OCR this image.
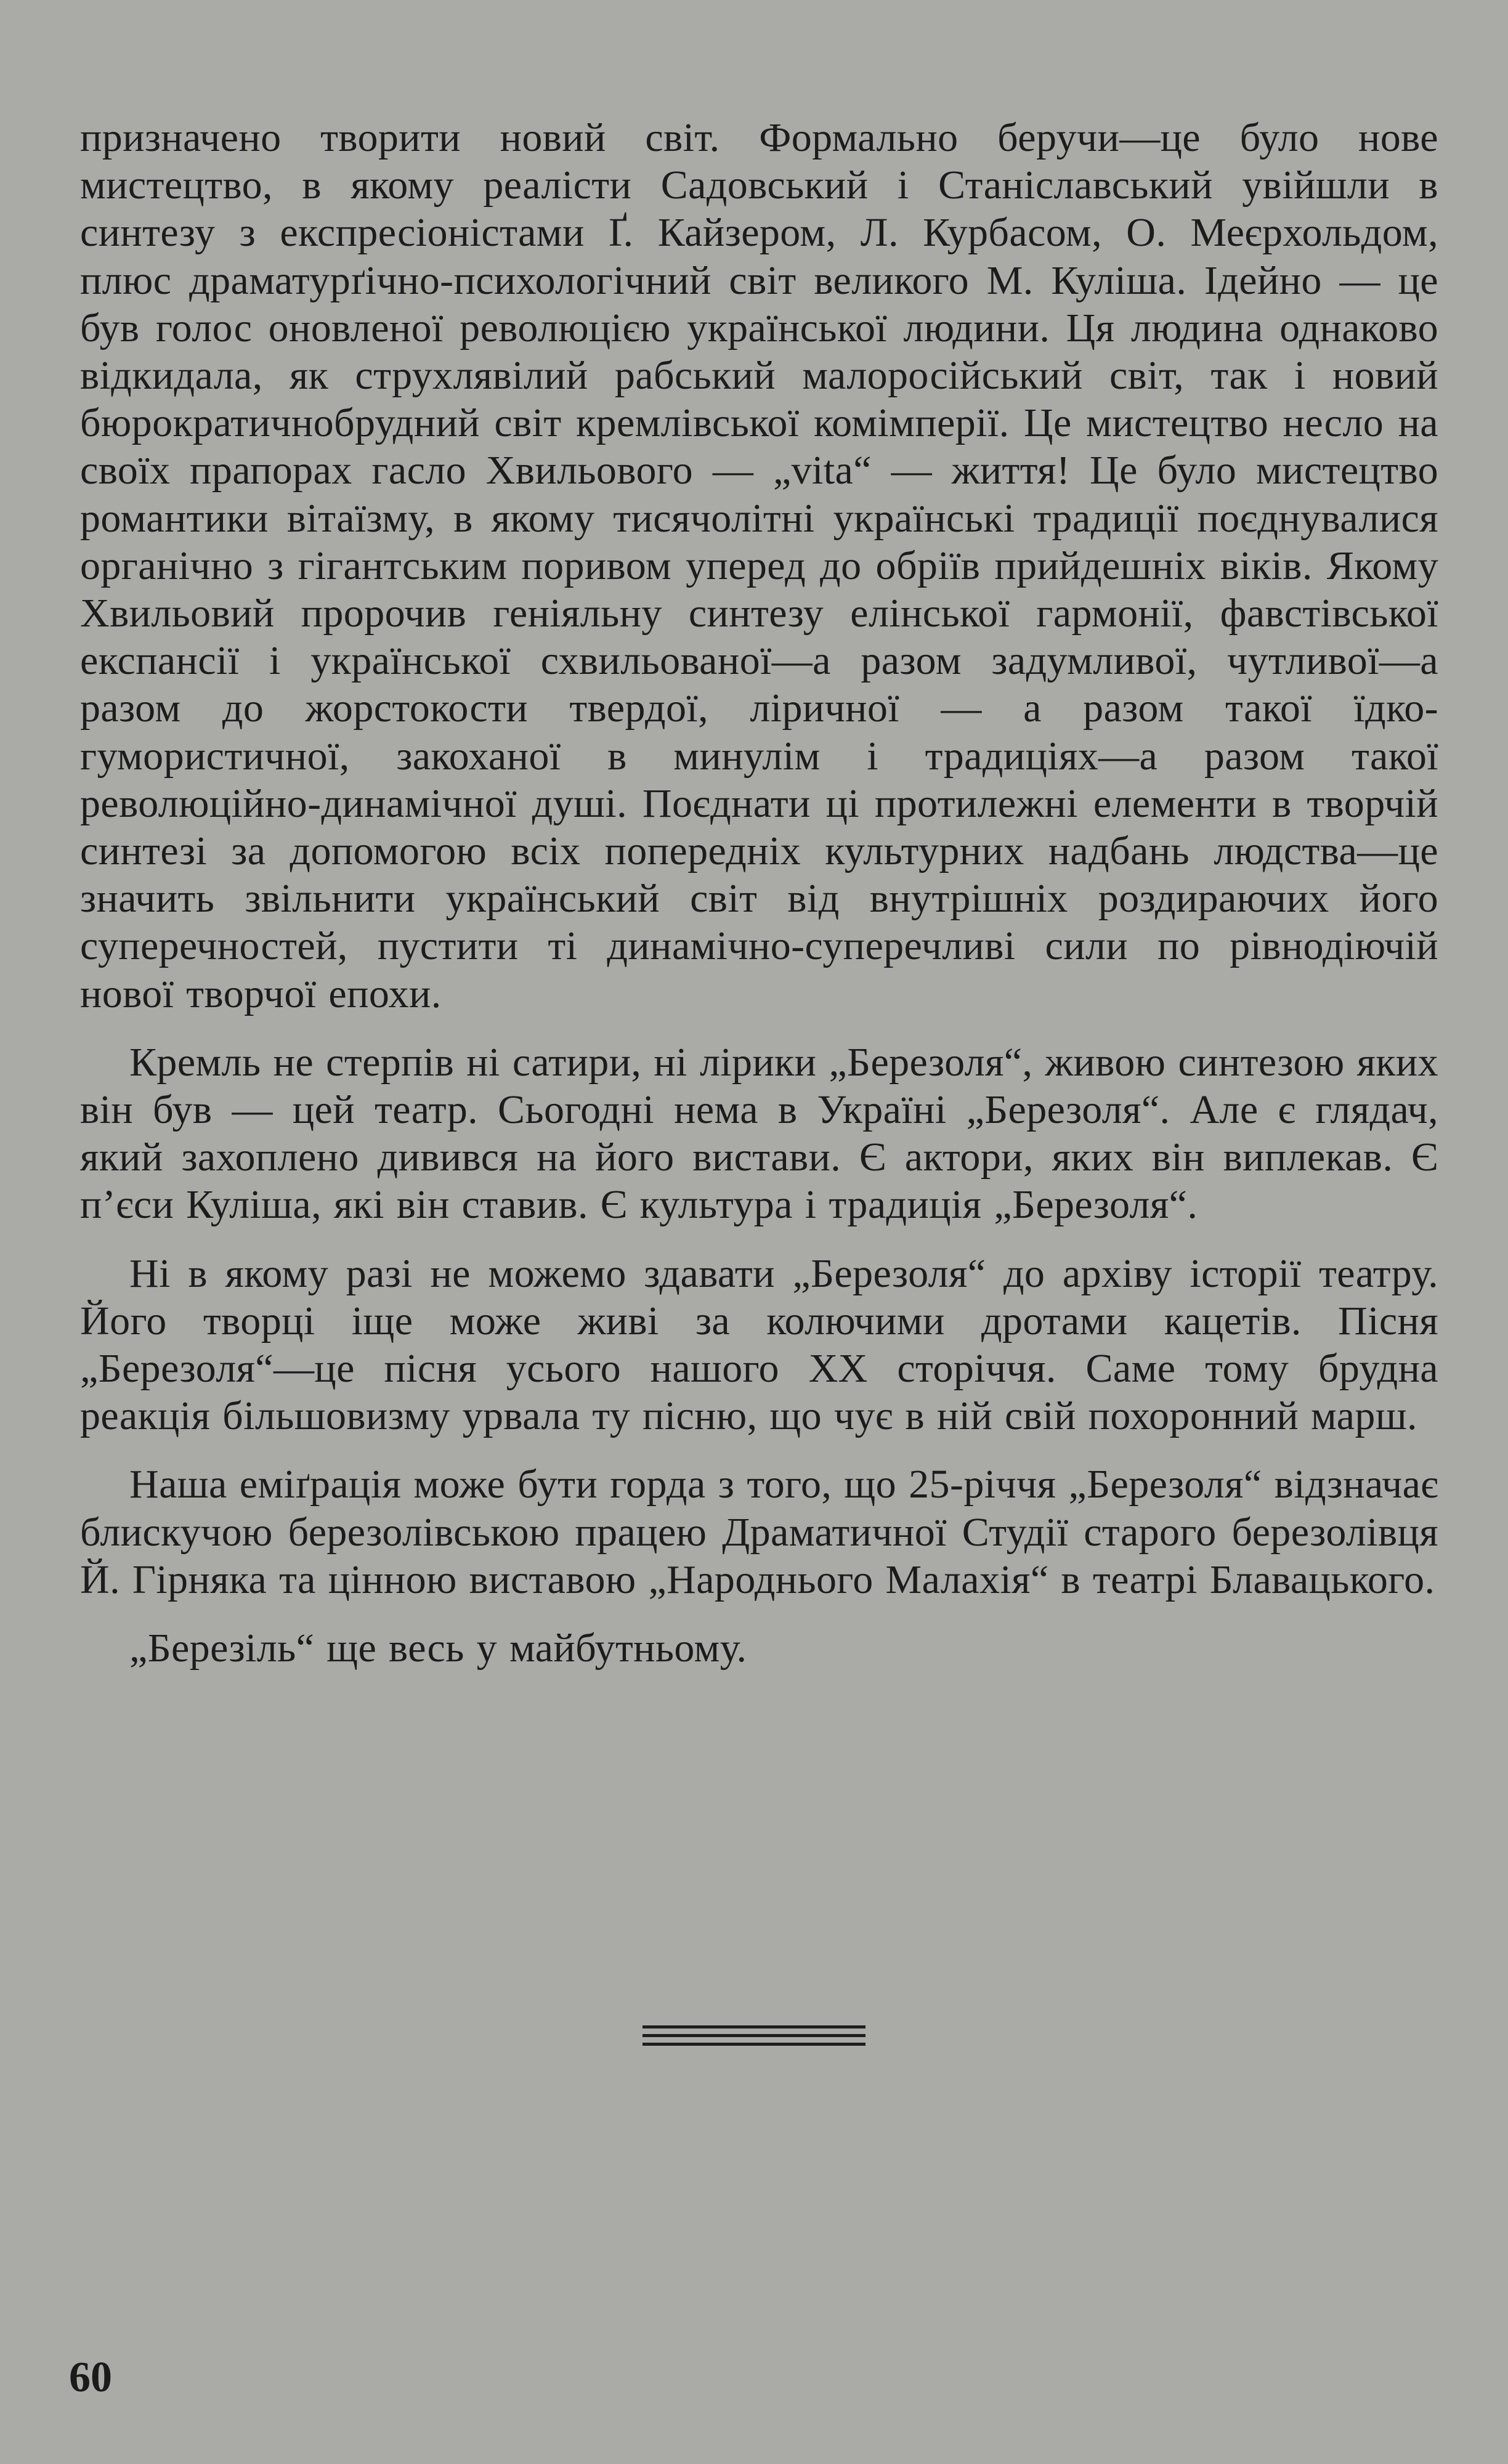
призначено творити новий світ. Формально беручи—це було нове мистецтво, в якому реалісти Садовський і Станіславський увійшли в синтезу з експресіоністами Ґ. Кайзером, Л. Курбасом, О. Меєрхольдом, плюс драматурґічно-психологічний світ великого М. Куліша. Ідейно — це був голос оновленої революцією української людини. Ця людина однаково відкидала, як струхлявілий рабський малоросійський світ, так і новий бюрократичнобрудний світ кремлівської комімперії. Це мистецтво несло на своїх прапорах гасло Хвильового — „vita“ — життя! Це було мистецтво романтики вітаїзму, в якому тисячолітні українські традиції поєднувалися органічно з гігантським поривом уперед до обріїв прийдешніх віків. Якому Хвильовий пророчив геніяльну синтезу елінської гармонії, фавстівської експансії і української схвильованої—а разом задумливої, чутливої—а разом до жорстокости твердої, ліричної — а разом такої їдко-гумористичної, закоханої в минулім і традиціях—а разом такої революційно-динамічної душі. Поєднати ці протилежні елементи в творчій синтезі за допомогою всіх попередніх культурних надбань людства—це значить звільнити український світ від внутрішніх роздираючих його суперечностей, пустити ті динамічно-суперечливі сили по рівнодіючій нової творчої епохи.

Кремль не стерпів ні сатири, ні лірики „Березоля“, живою синтезою яких він був — цей театр. Сьогодні нема в Україні „Березоля“. Але є глядач, який захоплено дивився на його вистави. Є актори, яких він виплекав. Є п’єси Куліша, які він ставив. Є культура і традиція „Березоля“.

Ні в якому разі не можемо здавати „Березоля“ до архіву історії театру. Його творці іще може живі за колючими дротами кацетів. Пісня „Березоля“—це пісня усього нашого XX сторіччя. Саме тому брудна реакція більшовизму урвала ту пісню, що чує в ній свій похоронний марш.

Наша еміґрація може бути горда з того, що 25-річчя „Березоля“ відзначає блискучою березолівською працею Драматичної Студії старого березолівця Й. Гірняка та цінною виставою „Народнього Малахія“ в театрі Блавацького.

„Березіль“ ще весь у майбутньому.

60
